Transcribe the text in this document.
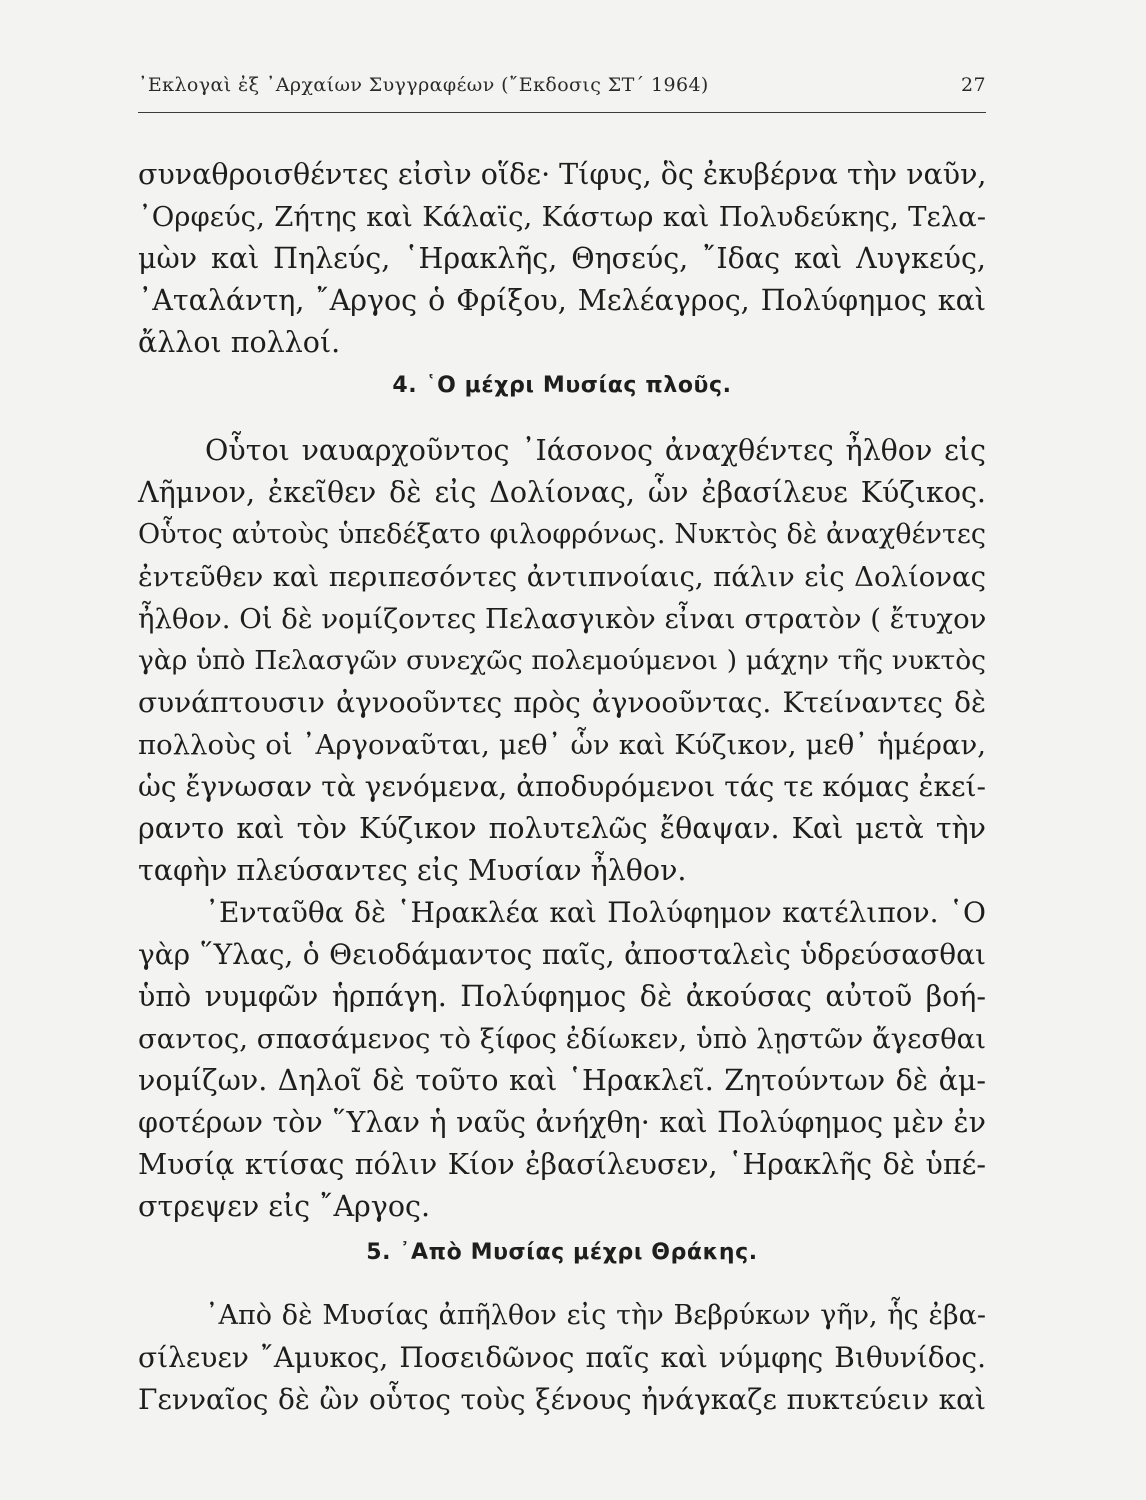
᾿Εκλογαὶ ἐξ ᾿Αρχαίων Συγγραφέων (῎Εκδοσις ΣΤ΄ 1964)	27
συναθροισθέντες εἰσὶν οἵδε· Τίφυς, ὃς ἐκυβέρνα τὴν ναῦν,
᾿Ορφεύς, Ζήτης καὶ Κάλαϊς, Κάστωρ καὶ Πολυδεύκης, Τελα-
μὼν καὶ Πηλεύς, ῾Ηρακλῆς, Θησεύς, ῎Ιδας καὶ Λυγκεύς,
᾿Αταλάντη, ῎Αργος ὁ Φρίξου, Μελέαγρος, Πολύφημος καὶ
ἄλλοι πολλοί.
4. ῾Ο μέχρι Μυσίας πλοῦς.
Οὗτοι ναυαρχοῦντος ᾿Ιάσονος ἀναχθέντες ἦλθον εἰς
Λῆμνον, ἐκεῖθεν δὲ εἰς Δολίονας, ὧν ἐβασίλευε Κύζικος.
Οὗτος αὐτοὺς ὑπεδέξατο φιλοφρόνως. Νυκτὸς δὲ ἀναχθέντες
ἐντεῦθεν καὶ περιπεσόντες ἀντιπνοίαις, πάλιν εἰς Δολίονας
ἦλθον. Οἱ δὲ νομίζοντες Πελασγικὸν εἶναι στρατὸν ( ἔτυχον
γὰρ ὑπὸ Πελασγῶν συνεχῶς πολεμούμενοι ) μάχην τῆς νυκτὸς
συνάπτουσιν ἀγνοοῦντες πρὸς ἀγνοοῦντας. Κτείναντες δὲ
πολλοὺς οἱ ᾿Αργοναῦται, μεθ᾿ ὧν καὶ Κύζικον, μεθ᾿ ἡμέραν,
ὡς ἔγνωσαν τὰ γενόμενα, ἀποδυρόμενοι τάς τε κόμας ἐκεί-
ραντο καὶ τὸν Κύζικον πολυτελῶς ἔθαψαν. Καὶ μετὰ τὴν
ταφὴν πλεύσαντες εἰς Μυσίαν ἦλθον.
᾿Ενταῦθα δὲ ῾Ηρακλέα καὶ Πολύφημον κατέλιπον. ῾Ο
γὰρ ῞Υλας, ὁ Θειοδάμαντος παῖς, ἀποσταλεὶς ὑδρεύσασθαι
ὑπὸ νυμφῶν ἡρπάγη. Πολύφημος δὲ ἀκούσας αὐτοῦ βοή-
σαντος, σπασάμενος τὸ ξίφος ἐδίωκεν, ὑπὸ λῃστῶν ἄγεσθαι
νομίζων. Δηλοῖ δὲ τοῦτο καὶ ῾Ηρακλεῖ. Ζητούντων δὲ ἀμ-
φοτέρων τὸν ῞Υλαν ἡ ναῦς ἀνήχθη· καὶ Πολύφημος μὲν ἐν
Μυσίᾳ κτίσας πόλιν Κίον ἐβασίλευσεν, ῾Ηρακλῆς δὲ ὑπέ-
στρεψεν εἰς ῎Αργος.
5. ᾿Απὸ Μυσίας μέχρι Θράκης.
᾿Απὸ δὲ Μυσίας ἀπῆλθον εἰς τὴν Βεβρύκων γῆν, ἧς ἐβα-
σίλευεν ῎Αμυκος, Ποσειδῶνος παῖς καὶ νύμφης Βιθυνίδος.
Γενναῖος δὲ ὢν οὗτος τοὺς ξένους ἠνάγκαζε πυκτεύειν καὶ
